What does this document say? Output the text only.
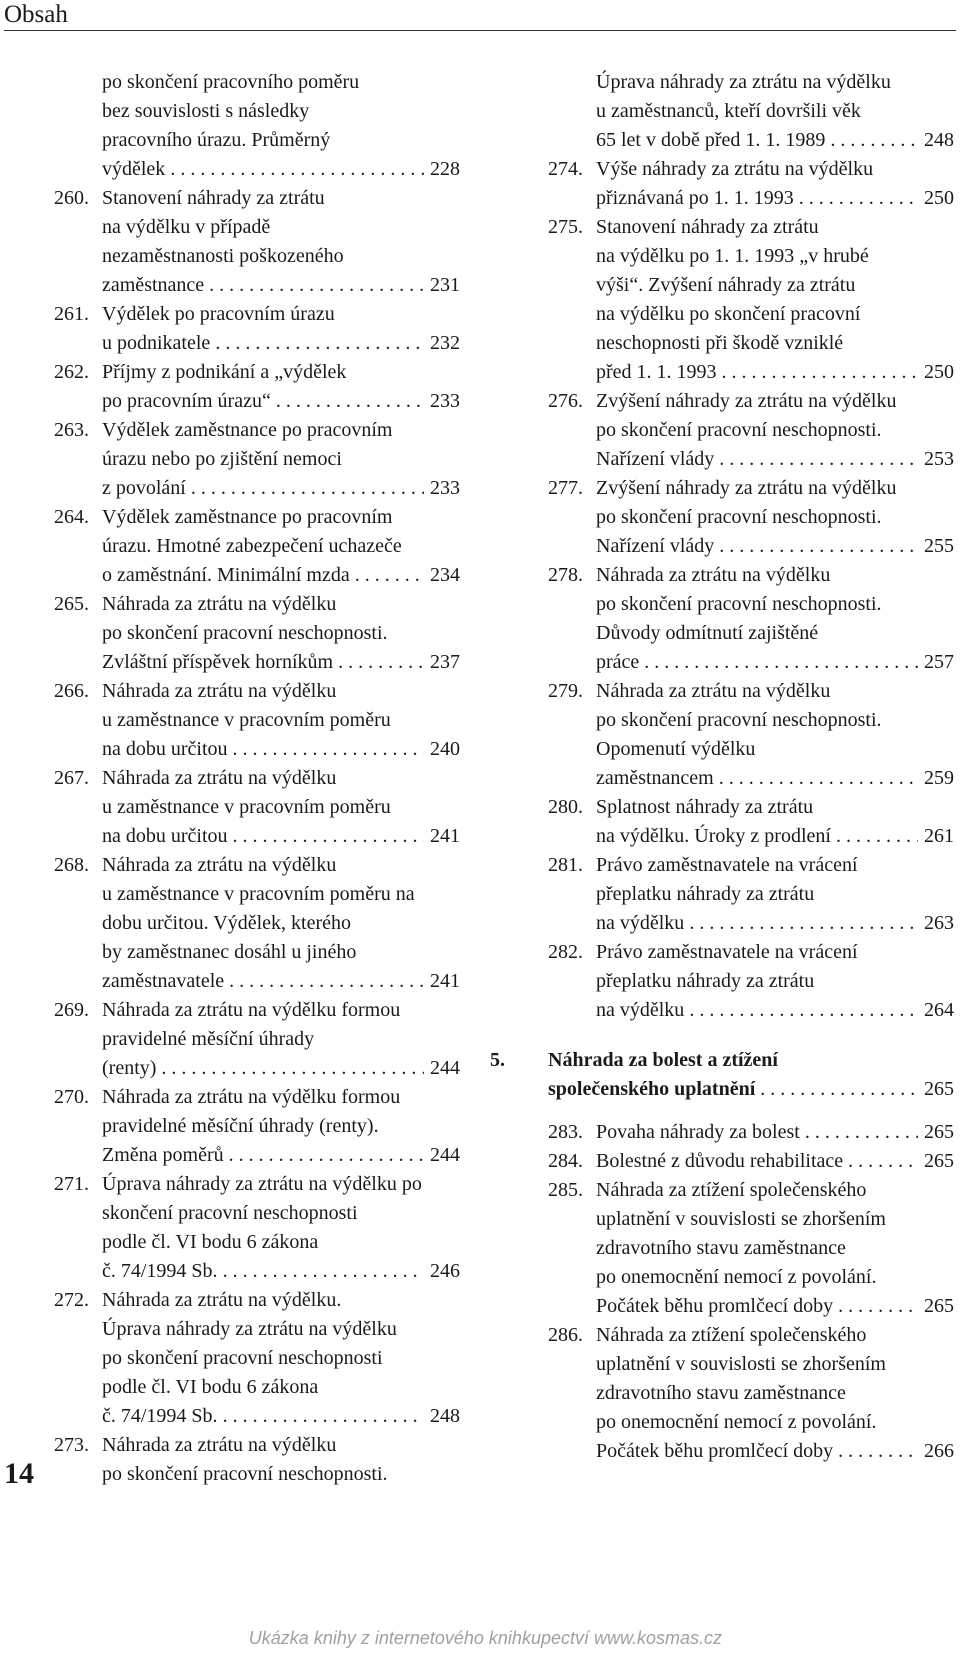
Obsah
po skončení pracovního poměru
bez souvislosti s následky
pracovního úrazu. Průměrný
výdělek . . .	228
260. Stanovení náhrady za ztrátu
na výdělku v případě
nezaměstnanosti poškozeného
zaměstnance . . .	231
261. Výdělek po pracovním úrazu
u podnikatele . . .	232
262. Příjmy z podnikání a „výdělek
po pracovním úrazu“ . . .	233
263. Výdělek zaměstnance po pracovním
úrazu nebo po zjištění nemoci
z povolání . . .	233
264. Výdělek zaměstnance po pracovním
úrazu. Hmotné zabezpečení uchazeče
o zaměstnání. Minimální mzda . . .	234
265. Náhrada za ztrátu na výdělku
po skončení pracovní neschopnosti.
Zvláštní příspěvek horníkům . . .	237
266. Náhrada za ztrátu na výdělku
u zaměstnance v pracovním poměru
na dobu určitou . . .	240
267. Náhrada za ztrátu na výdělku
u zaměstnance v pracovním poměru
na dobu určitou . . .	241
268. Náhrada za ztrátu na výdělku
u zaměstnance v pracovním poměru na
dobu určitou. Výdělek, kterého
by zaměstnanec dosáhl u jiného
zaměstnavatele . . .	241
269. Náhrada za ztrátu na výdělku formou
pravidelné měsíční úhrady
(renty) . . .	244
270. Náhrada za ztrátu na výdělku formou
pravidelné měsíční úhrady (renty).
Změna poměrů . . .	244
271. Úprava náhrady za ztrátu na výdělku po
skončení pracovní neschopnosti
podle čl. VI bodu 6 zákona
č. 74/1994 Sb. . . .	246
272. Náhrada za ztrátu na výdělku.
Úprava náhrady za ztrátu na výdělku
po skončení pracovní neschopnosti
podle čl. VI bodu 6 zákona
č. 74/1994 Sb. . . .	248
273. Náhrada za ztrátu na výdělku
po skončení pracovní neschopnosti.
Úprava náhrady za ztrátu na výdělku
u zaměstnanců, kteří dovršili věk
65 let v době před 1. 1. 1989 . . .	248
274. Výše náhrady za ztrátu na výdělku
přiznávaná po 1. 1. 1993 . . .	250
275. Stanovení náhrady za ztrátu
na výdělku po 1. 1. 1993 „v hrubé
výši“. Zvýšení náhrady za ztrátu
na výdělku po skončení pracovní
neschopnosti při škodě vzniklé
před 1. 1. 1993 . . .	250
276. Zvýšení náhrady za ztrátu na výdělku
po skončení pracovní neschopnosti.
Nařízení vlády . . .	253
277. Zvýšení náhrady za ztrátu na výdělku
po skončení pracovní neschopnosti.
Nařízení vlády . . .	255
278. Náhrada za ztrátu na výdělku
po skončení pracovní neschopnosti.
Důvody odmítnutí zajištěné
práce . . .	257
279. Náhrada za ztrátu na výdělku
po skončení pracovní neschopnosti.
Opomenutí výdělku
zaměstnancem . . .	259
280. Splatnost náhrady za ztrátu
na výdělku. Úroky z prodlení . . .	261
281. Právo zaměstnavatele na vrácení
přeplatku náhrady za ztrátu
na výdělku . . .	263
282. Právo zaměstnavatele na vrácení
přeplatku náhrady za ztrátu
na výdělku . . .	264
5.	Náhrada za bolest a ztížení
společenského uplatnění . . .	265
283. Povaha náhrady za bolest . . .	265
284. Bolestné z důvodu rehabilitace . . .	265
285. Náhrada za ztížení společenského
uplatnění v souvislosti se zhoršením
zdravotního stavu zaměstnance
po onemocnění nemocí z povolání.
Počátek běhu promlčecí doby . . .	265
286. Náhrada za ztížení společenského
uplatnění v souvislosti se zhoršením
zdravotního stavu zaměstnance
po onemocnění nemocí z povolání.
Počátek běhu promlčecí doby . . .	266
14
Ukázka knihy z internetového knihkupectví www.kosmas.cz
